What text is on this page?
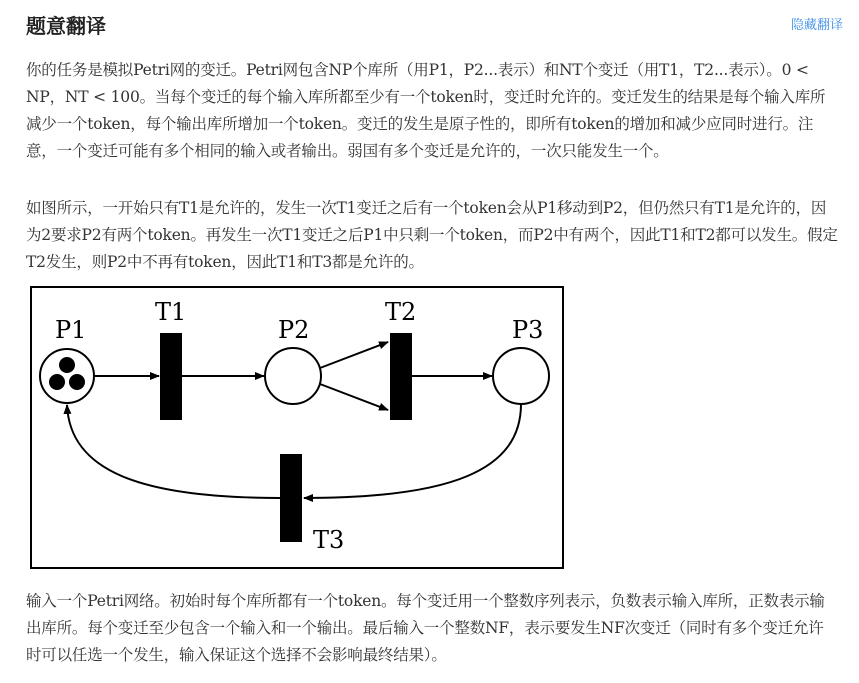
题意翻译	隐藏翻译

你的任务是模拟Petri网的变迁。Petri网包含NP个库所（用P1，P2...表示）和NT个变迁（用T1，T2...表示）。0 < NP，NT < 100。当每个变迁的每个输入库所都至少有一个token时，变迁时允许的。变迁发生的结果是每个输入库所减少一个token，每个输出库所增加一个token。变迁的发生是原子性的，即所有token的增加和减少应同时进行。注意，一个变迁可能有多个相同的输入或者输出。弱国有多个变迁是允许的，一次只能发生一个。

如图所示，一开始只有T1是允许的，发生一次T1变迁之后有一个token会从P1移动到P2，但仍然只有T1是允许的，因为2要求P2有两个token。再发生一次T1变迁之后P1中只剩一个token，而P2中有两个，因此T1和T2都可以发生。假定T2发生，则P2中不再有token，因此T1和T3都是允许的。

P1
T1
P2
T2
P3
T3

输入一个Petri网络。初始时每个库所都有一个token。每个变迁用一个整数序列表示，负数表示输入库所，正数表示输出库所。每个变迁至少包含一个输入和一个输出。最后输入一个整数NF，表示要发生NF次变迁（同时有多个变迁允许时可以任选一个发生，输入保证这个选择不会影响最终结果）。
